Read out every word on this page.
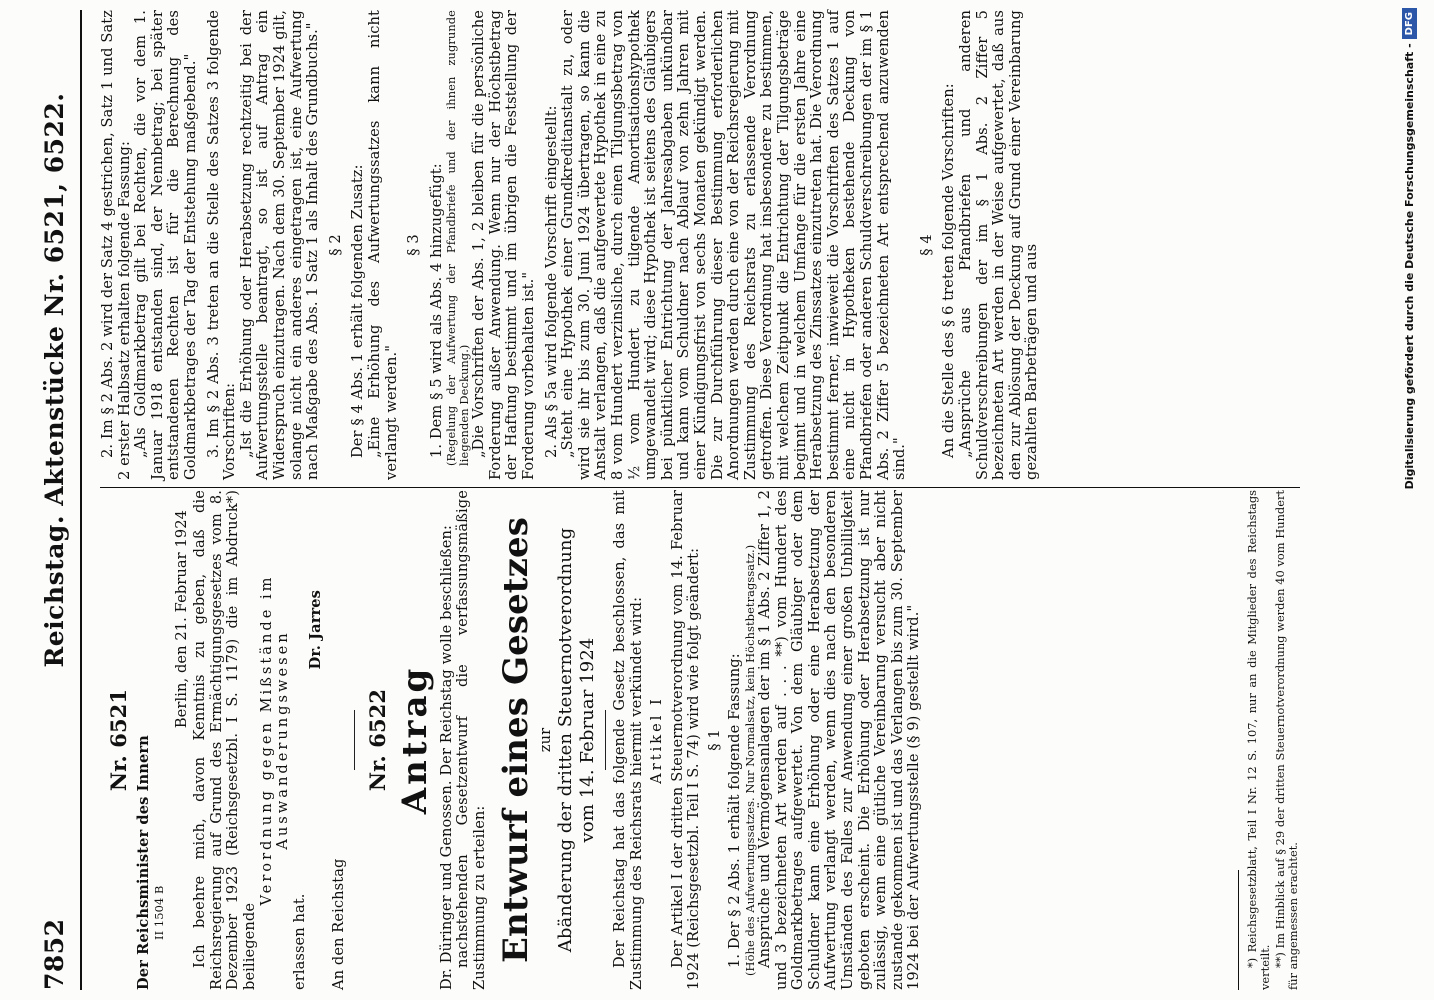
7852
Reichstag. Aktenstücke Nr. 6521, 6522.
Nr. 6521 Der Reichsminister des Innern II 1504 B
Berlin, den 21. Februar 1924 Ich beehre mich, davon Kenntnis zu geben, daß die Reichsregierung auf Grund des Ermächtigungsgesetzes vom 8. Dezember 1923 (Reichsgesetzbl. I S. 1179) die im Abdruck*) beiliegende
Verordnung gegen Mißstände im Auswanderungswesen
erlassen hat.
Dr. Jarres
An den Reichstag
Nr. 6522 Antrag Dr. Düringer und Genossen. Der Reichstag wolle beschließen: nachstehenden Gesetzentwurf die verfassungsmäßige Zustimmung zu erteilen: Entwurf eines Gesetzes zur Abänderung der dritten Steuernotverordnung vom 14. Februar 1924 Der Reichstag hat das folgende Gesetz beschlossen, das mit Zustimmung des Reichsrats hiermit verkündet wird: Artikel I Der Artikel I der dritten Steuernotverordnung vom 14. Februar 1924 (Reichsgesetzbl. Teil I S. 74) wird wie folgt geändert: § 1 1. Der § 2 Abs. 1 erhält folgende Fassung: (Höhe des Aufwertungssatzes. Nur Normalsatz, kein Höchstbetragssatz.) Ansprüche und Vermögensanlagen der im § 1 Abs. 2 Ziffer 1, 2 und 3 bezeichneten Art werden auf . . . **) vom Hundert des Goldmarkbetrages aufgewertet. Von dem Gläubiger oder dem Schuldner kann eine Erhöhung oder eine Herabsetzung der Aufwertung verlangt werden, wenn dies nach den besonderen Umständen des Falles zur Anwendung einer großen Unbilligkeit geboten erscheint. Die Erhöhung oder Herabsetzung ist nur zulässig, wenn eine gütliche Vereinbarung versucht aber nicht zustande gekommen ist und das Verlangen bis zum 30. September 1924 bei der Aufwertungsstelle (§ 9) gestellt wird."	*) Reichsgesetzblatt, Teil I Nr. 12 S. 107, nur an die Mitglieder des Reichstags verteilt. **) Im Hinblick auf § 29 der dritten Steuernotverordnung werden 40 vom Hundert für angemessen erachtet.
2. Im § 2 Abs. 2 wird der Satz 4 gestrichen, Satz 1 und Satz 2 erster Halbsatz erhalten folgende Fassung: „Als Goldmarkbetrag gilt bei Rechten, die vor dem 1. Januar 1918 entstanden sind, der Nennbetrag; bei später entstandenen Rechten ist für die Berechnung des Goldmarkbetrages der Tag der Entstehung maßgebend." 3. Im § 2 Abs. 3 treten an die Stelle des Satzes 3 folgende Vorschriften: „Ist die Erhöhung oder Herabsetzung rechtzeitig bei der Aufwertungsstelle beantragt, so ist auf Antrag ein Widerspruch einzutragen. Nach dem 30. September 1924 gilt, solange nicht ein anderes eingetragen ist, eine Aufwertung nach Maßgabe des Abs. 1 Satz 1 als Inhalt des Grundbuchs." § 2 Der § 4 Abs. 1 erhält folgenden Zusatz: „Eine Erhöhung des Aufwertungssatzes kann nicht verlangt werden."
§ 3 1. Dem § 5 wird als Abs. 4 hinzugefügt: (Regelung der Aufwertung der Pfandbriefe und der ihnen zugrunde liegenden Deckung.) „Die Vorschriften der Abs. 1, 2 bleiben für die persönliche Forderung außer Anwendung. Wenn nur der Höchstbetrag der Haftung bestimmt und im übrigen die Feststellung der Forderung vorbehalten ist." 2. Als § 5a wird folgende Vorschrift eingestellt: „Steht eine Hypothek einer Grundkreditanstalt zu, oder wird sie ihr bis zum 30. Juni 1924 übertragen, so kann die Anstalt verlangen, daß die aufgewertete Hypothek in eine zu 8 vom Hundert verzinsliche, durch einen Tilgungsbetrag von ½ vom Hundert zu tilgende Amortisationshypothek umgewandelt wird; diese Hypothek ist seitens des Gläubigers bei pünktlicher Entrichtung der Jahresabgaben unkündbar und kann vom Schuldner nach Ablauf von zehn Jahren mit einer Kündigungsfrist von sechs Monaten gekündigt werden. Die zur Durchführung dieser Bestimmung erforderlichen Anordnungen werden durch eine von der Reichsregierung mit Zustimmung des Reichsrats zu erlassende Verordnung getroffen. Diese Verordnung hat insbesondere zu bestimmen, mit welchem Zeitpunkt die Entrichtung der Tilgungsbeträge beginnt und in welchem Umfange für die ersten Jahre eine Herabsetzung des Zinssatzes einzutreten hat. Die Verordnung bestimmt ferner, inwieweit die Vorschriften des Satzes 1 auf eine nicht in Hypotheken bestehende Deckung von Pfandbriefen oder anderen Schuldverschreibungen der im § 1 Abs. 2 Ziffer 5 bezeichneten Art entsprechend anzuwenden sind."
§ 4 An die Stelle des § 6 treten folgende Vorschriften: „Ansprüche aus Pfandbriefen und anderen Schuldverschreibungen der im § 1 Abs. 2 Ziffer 5 bezeichneten Art werden in der Weise aufgewertet, daß aus den zur Ablösung der Deckung auf Grund einer Vereinbarung gezahlten Barbeträgen und aus	Digitalisierung gefördert durch die Deutsche Forschungsgemeinschaft -
DFG
